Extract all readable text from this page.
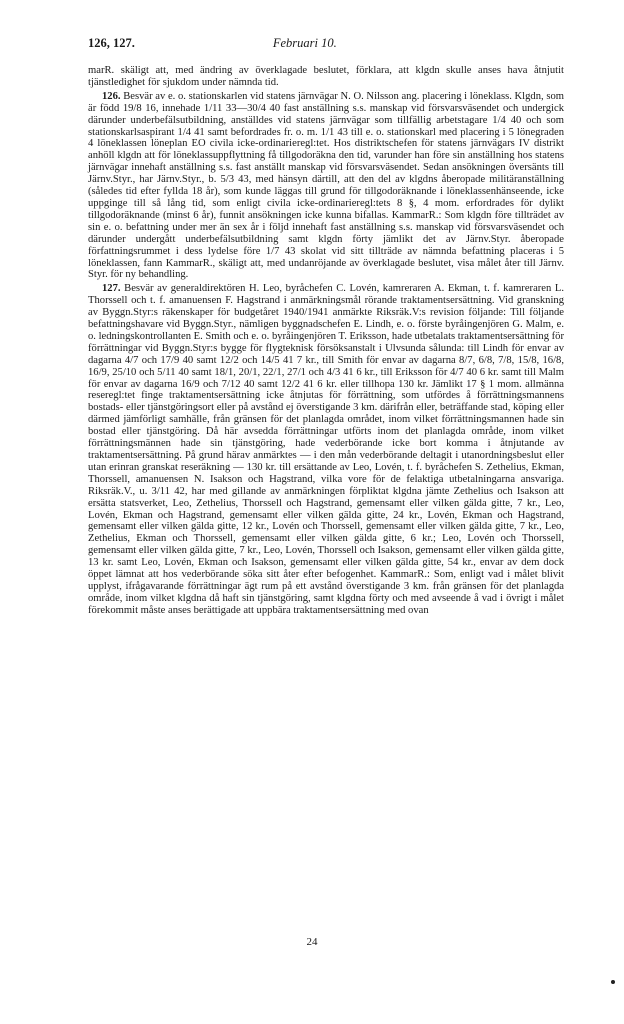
126, 127.	Februari 10.

marR. skäligt att, med ändring av överklagade beslutet, förklara, att klgdn skulle anses hava åtnjutit tjänstledighet för sjukdom under nämnda tid.

126. Besvär av e. o. stationskarlen vid statens järnvägar N. O. Nilsson ang. placering i löneklass. Klgdn, som är född 19/8 16, innehade 1/11 33—30/4 40 fast anställning s.s. manskap vid försvarsväsendet och undergick därunder underbefälsutbildning, anställdes vid statens järnvägar som tillfällig arbetstagare 1/4 40 och som stationskarlsaspirant 1/4 41 samt befordrades fr. o. m. 1/1 43 till e. o. stationskarl med placering i 5 lönegraden 4 löneklassen löneplan EO civila icke-ordinarieregl:tet. Hos distriktschefen för statens järnvägars IV distrikt anhöll klgdn att för löneklassuppflyttning få tillgodoräkna den tid, varunder han före sin anställning hos statens järnvägar innehaft anställning s.s. fast anställt manskap vid försvarsväsendet. Sedan ansökningen översänts till Järnv.Styr., har Järnv.Styr., b. 5/3 43, med hänsyn därtill, att den del av klgdns åberopade militäranställning (således tid efter fyllda 18 år), som kunde läggas till grund för tillgodoräknande i löneklassenhänseende, icke uppginge till så lång tid, som enligt civila icke-ordinarieregl:tets 8 §, 4 mom. erfordrades för dylikt tillgodoräknande (minst 6 år), funnit ansökningen icke kunna bifallas. KammarR.: Som klgdn före tillträdet av sin e. o. befattning under mer än sex år i följd innehaft fast anställning s.s. manskap vid försvarsväsendet och därunder undergått underbefälsutbildning samt klgdn förty jämlikt det av Järnv.Styr. åberopade författningsrummet i dess lydelse före 1/7 43 skolat vid sitt tillträde av nämnda befattning placeras i 5 löneklassen, fann KammarR., skäligt att, med undanröjande av överklagade beslutet, visa målet åter till Järnv. Styr. för ny behandling.

127. Besvär av generaldirektören H. Leo, byråchefen C. Lovén, kamreraren A. Ekman, t. f. kamreraren L. Thorssell och t. f. amanuensen F. Hagstrand i anmärkningsmål rörande traktamentsersättning. Vid granskning av Byggn.Styr:s räkenskaper för budgetåret 1940/1941 anmärkte Riksräk.V:s revision följande: Till följande befattningshavare vid Byggn.Styr., nämligen byggnadschefen E. Lindh, e. o. förste byråingenjören G. Malm, e. o. ledningskontrollanten E. Smith och e. o. byråingenjören T. Eriksson, hade utbetalats traktamentsersättning för förrättningar vid Byggn.Styr:s bygge för flygteknisk försöksanstalt i Ulvsunda sålunda: till Lindh för envar av dagarna 4/7 och 17/9 40 samt 12/2 och 14/5 41 7 kr., till Smith för envar av dagarna 8/7, 6/8, 7/8, 15/8, 16/8, 16/9, 25/10 och 5/11 40 samt 18/1, 20/1, 22/1, 27/1 och 4/3 41 6 kr., till Eriksson för 4/7 40 6 kr. samt till Malm för envar av dagarna 16/9 och 7/12 40 samt 12/2 41 6 kr. eller tillhopa 130 kr. Jämlikt 17 § 1 mom. allmänna reseregl:tet finge traktamentsersättning icke åtnjutas för förrättning, som utfördes å förrättningsmannens bostads- eller tjänstgöringsort eller på avstånd ej överstigande 3 km. därifrån eller, beträffande stad, köping eller därmed jämförligt samhälle, från gränsen för det planlagda området, inom vilket förrättningsmannen hade sin bostad eller tjänstgöring. Då här avsedda förrättningar utförts inom det planlagda område, inom vilket förrättningsmännen hade sin tjänstgöring, hade vederbörande icke bort komma i åtnjutande av traktamentsersättning. På grund härav anmärktes — i den mån vederbörande deltagit i utanordningsbeslut eller utan erinran granskat reseräkning — 130 kr. till ersättande av Leo, Lovén, t. f. byråchefen S. Zethelius, Ekman, Thorssell, amanuensen N. Isakson och Hagstrand, vilka vore för de felaktiga utbetalningarna ansvariga. Riksräk.V., u. 3/11 42, har med gillande av anmärkningen förpliktat klgdna jämte Zethelius och Isakson att ersätta statsverket, Leo, Zethelius, Thorssell och Hagstrand, gemensamt eller vilken gälda gitte, 7 kr., Leo, Lovén, Ekman och Hagstrand, gemensamt eller vilken gälda gitte, 24 kr., Lovén, Ekman och Hagstrand, gemensamt eller vilken gälda gitte, 12 kr., Lovén och Thorssell, gemensamt eller vilken gälda gitte, 7 kr., Leo, Zethelius, Ekman och Thorssell, gemensamt eller vilken gälda gitte, 6 kr.; Leo, Lovén och Thorssell, gemensamt eller vilken gälda gitte, 7 kr., Leo, Lovén, Thorssell och Isakson, gemensamt eller vilken gälda gitte, 13 kr. samt Leo, Lovén, Ekman och Isakson, gemensamt eller vilken gälda gitte, 54 kr., envar av dem dock öppet lämnat att hos vederbörande söka sitt åter efter befogenhet. KammarR.: Som, enligt vad i målet blivit upplyst, ifrågavarande förrättningar ägt rum på ett avstånd överstigande 3 km. från gränsen för det planlagda område, inom vilket klgdna då haft sin tjänstgöring, samt klgdna förty och med avseende å vad i övrigt i målet förekommit måste anses berättigade att uppbära traktamentsersättning med ovan

24
